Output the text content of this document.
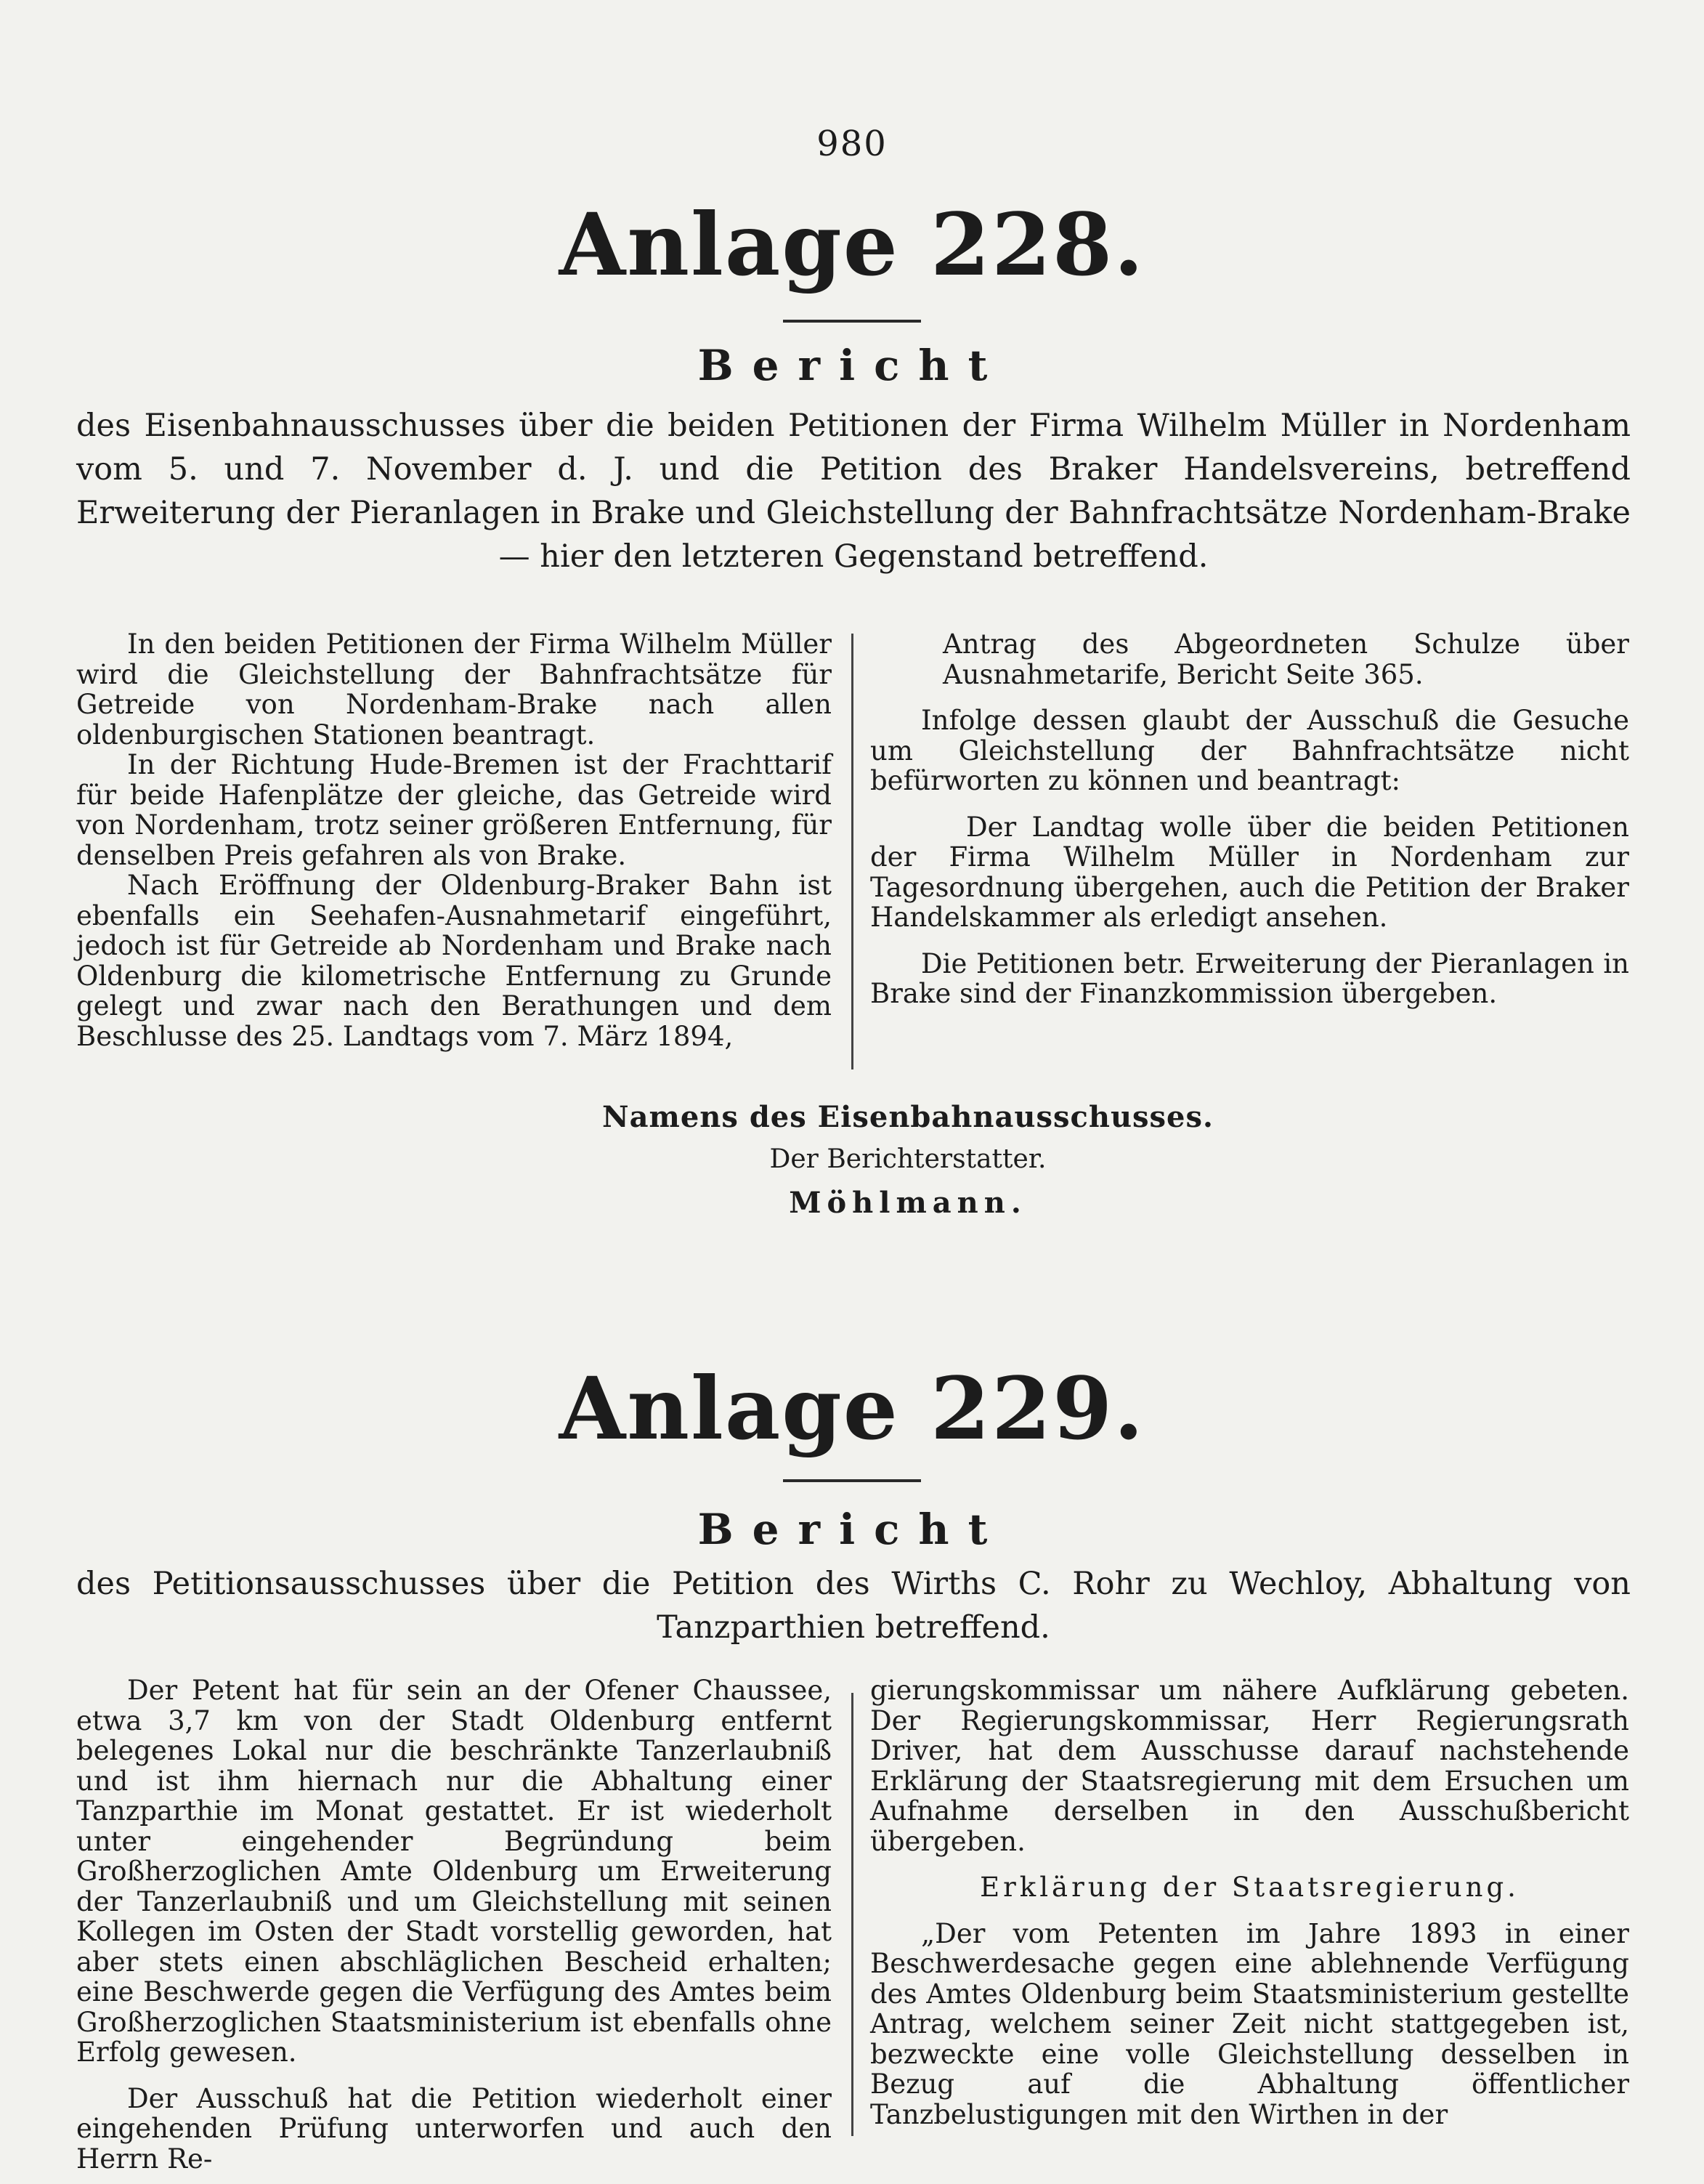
980
Anlage 228.
Bericht
des Eisenbahnausschusses über die beiden Petitionen der Firma Wilhelm Müller in Nordenham vom 5. und 7. November d. J. und die Petition des Braker Handelsvereins, betreffend Erweiterung der Pieranlagen in Brake und Gleichstellung der Bahnfrachtsätze Nordenham-Brake — hier den letzteren Gegenstand betreffend.

In den beiden Petitionen der Firma Wilhelm Müller wird die Gleichstellung der Bahnfrachtsätze für Getreide von Nordenham-Brake nach allen oldenburgischen Stationen beantragt.

In der Richtung Hude-Bremen ist der Frachttarif für beide Hafenplätze der gleiche, das Getreide wird von Nordenham, trotz seiner größeren Entfernung, für denselben Preis gefahren als von Brake.

Nach Eröffnung der Oldenburg-Braker Bahn ist ebenfalls ein Seehafen-Ausnahmetarif eingeführt, jedoch ist für Getreide ab Nordenham und Brake nach Oldenburg die kilometrische Entfernung zu Grunde gelegt und zwar nach den Berathungen und dem Beschlusse des 25. Landtags vom 7. März 1894,

Antrag des Abgeordneten Schulze über Ausnahmetarife, Bericht Seite 365.

Infolge dessen glaubt der Ausschuß die Gesuche um Gleichstellung der Bahnfrachtsätze nicht befürworten zu können und beantragt:

Der Landtag wolle über die beiden Petitionen der Firma Wilhelm Müller in Nordenham zur Tagesordnung übergehen, auch die Petition der Braker Handelskammer als erledigt ansehen.

Die Petitionen betr. Erweiterung der Pieranlagen in Brake sind der Finanzkommission übergeben.

Namens des Eisenbahnausschusses.
Der Berichterstatter.
Möhlmann.
Anlage 229.
Bericht
des Petitionsausschusses über die Petition des Wirths C. Rohr zu Wechloy, Abhaltung von Tanzparthien betreffend.

Der Petent hat für sein an der Ofener Chaussee, etwa 3,7 km von der Stadt Oldenburg entfernt belegenes Lokal nur die beschränkte Tanzerlaubniß und ist ihm hiernach nur die Abhaltung einer Tanzparthie im Monat gestattet. Er ist wiederholt unter eingehender Begründung beim Großherzoglichen Amte Oldenburg um Erweiterung der Tanzerlaubniß und um Gleichstellung mit seinen Kollegen im Osten der Stadt vorstellig geworden, hat aber stets einen abschläglichen Bescheid erhalten; eine Beschwerde gegen die Verfügung des Amtes beim Großherzoglichen Staatsministerium ist ebenfalls ohne Erfolg gewesen.

Der Ausschuß hat die Petition wiederholt einer eingehenden Prüfung unterworfen und auch den Herrn Re-

gierungskommissar um nähere Aufklärung gebeten. Der Regierungskommissar, Herr Regierungsrath Driver, hat dem Ausschusse darauf nachstehende Erklärung der Staatsregierung mit dem Ersuchen um Aufnahme derselben in den Ausschußbericht übergeben.

Erklärung der Staatsregierung.

„Der vom Petenten im Jahre 1893 in einer Beschwerdesache gegen eine ablehnende Verfügung des Amtes Oldenburg beim Staatsministerium gestellte Antrag, welchem seiner Zeit nicht stattgegeben ist, bezweckte eine volle Gleichstellung desselben in Bezug auf die Abhaltung öffentlicher Tanzbelustigungen mit den Wirthen in der
